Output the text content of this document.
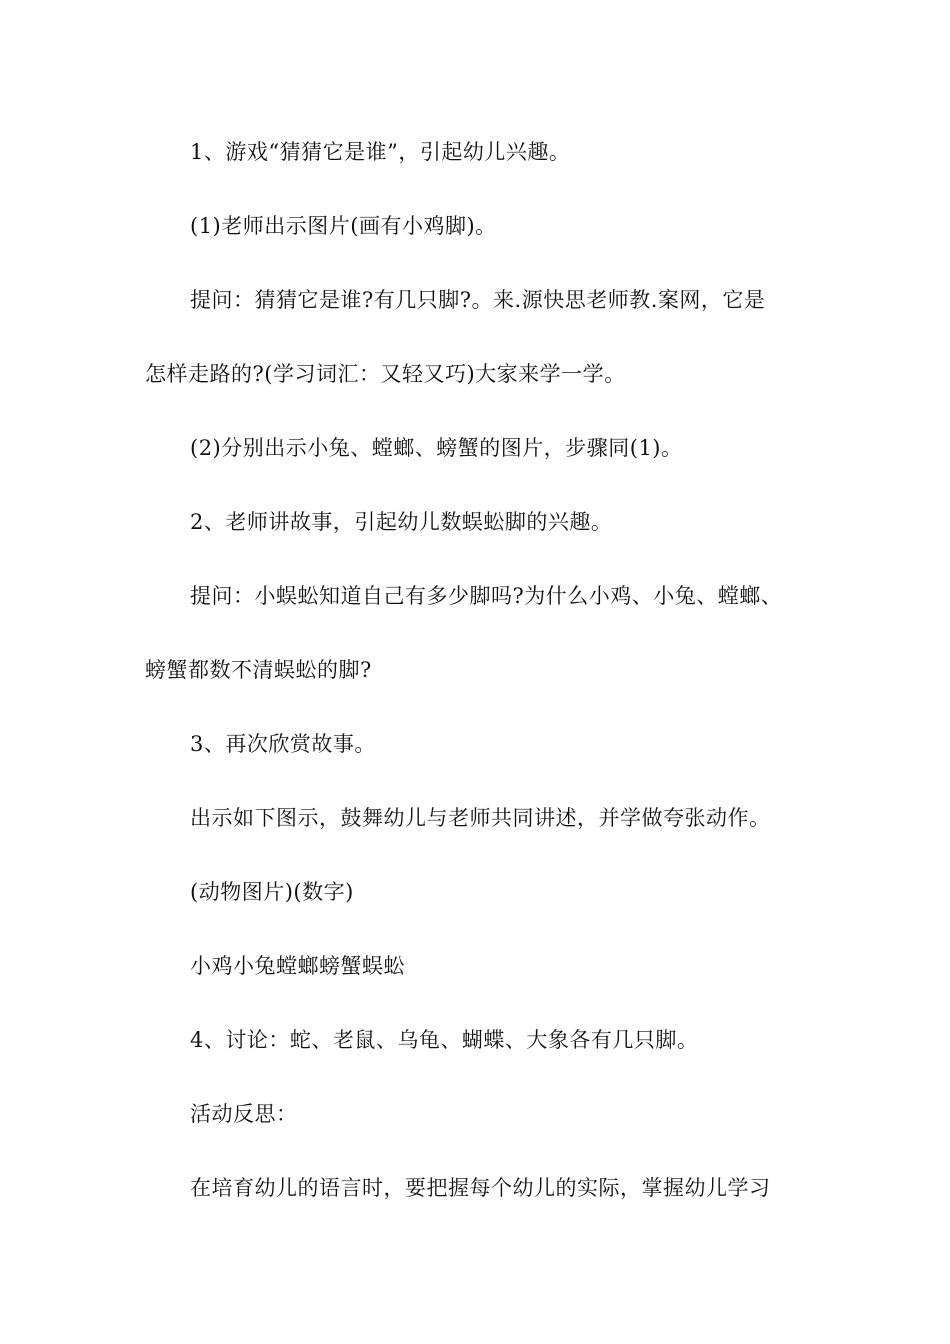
1、游戏“猜猜它是谁”，引起幼儿兴趣。
(1)老师出示图片(画有小鸡脚)。
提问：猜猜它是谁?有几只脚?。来.源快思老师教.案网，它是
怎样走路的?(学习词汇：又轻又巧)大家来学一学。
(2)分别出示小兔、螳螂、螃蟹的图片，步骤同(1)。
2、老师讲故事，引起幼儿数蜈蚣脚的兴趣。
提问：小蜈蚣知道自己有多少脚吗?为什么小鸡、小兔、螳螂、
螃蟹都数不清蜈蚣的脚?
3、再次欣赏故事。
出示如下图示，鼓舞幼儿与老师共同讲述，并学做夸张动作。
(动物图片)(数字)
小鸡小兔螳螂螃蟹蜈蚣
4、讨论：蛇、老鼠、乌龟、蝴蝶、大象各有几只脚。
活动反思：
在培育幼儿的语言时，要把握每个幼儿的实际，掌握幼儿学习
